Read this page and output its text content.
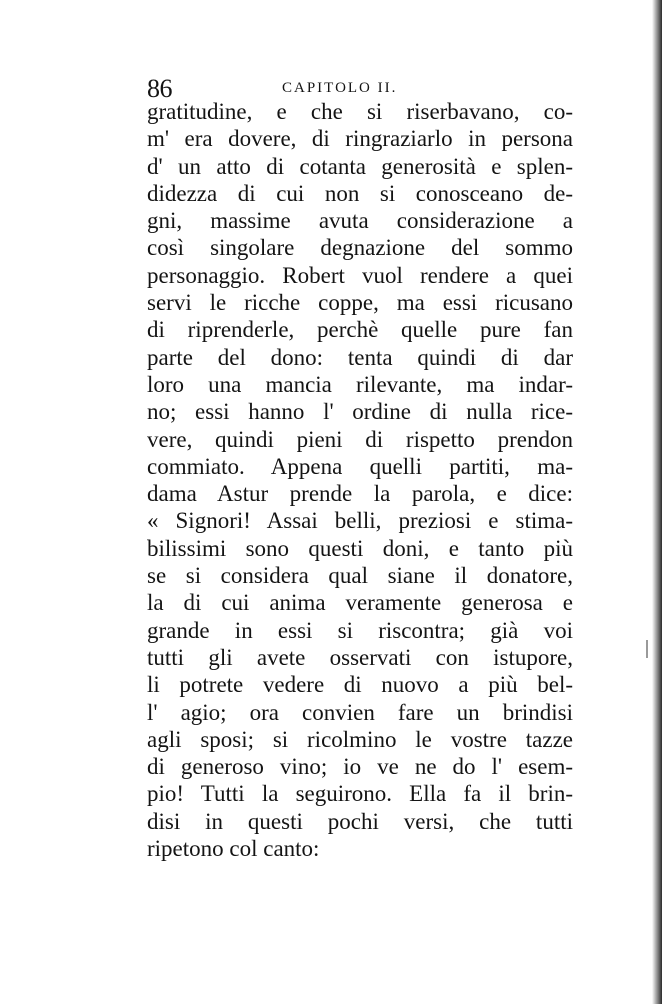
86	CAPITOLO II.
gratitudine, e che si riserbavano, co-
m' era dovere, di ringraziarlo in persona
d' un atto di cotanta generosità e splen-
didezza di cui non si conosceano de-
gni, massime avuta considerazione a
così singolare degnazione del sommo
personaggio. Robert vuol rendere a quei
servi le ricche coppe, ma essi ricusano
di riprenderle, perchè quelle pure fan
parte del dono: tenta quindi di dar
loro una mancia rilevante, ma indar-
no; essi hanno l' ordine di nulla rice-
vere, quindi pieni di rispetto prendon
commiato. Appena quelli partiti, ma-
dama Astur prende la parola, e dice:
« Signori! Assai belli, preziosi e stima-
bilissimi sono questi doni, e tanto più
se si considera qual siane il donatore,
la di cui anima veramente generosa e
grande in essi si riscontra; già voi
tutti gli avete osservati con istupore,
li potrete vedere di nuovo a più bel-
l' agio; ora convien fare un brindisi
agli sposi; si ricolmino le vostre tazze
di generoso vino; io ve ne do l' esem-
pio! Tutti la seguirono. Ella fa il brin-
disi in questi pochi versi, che tutti
ripetono col canto:
